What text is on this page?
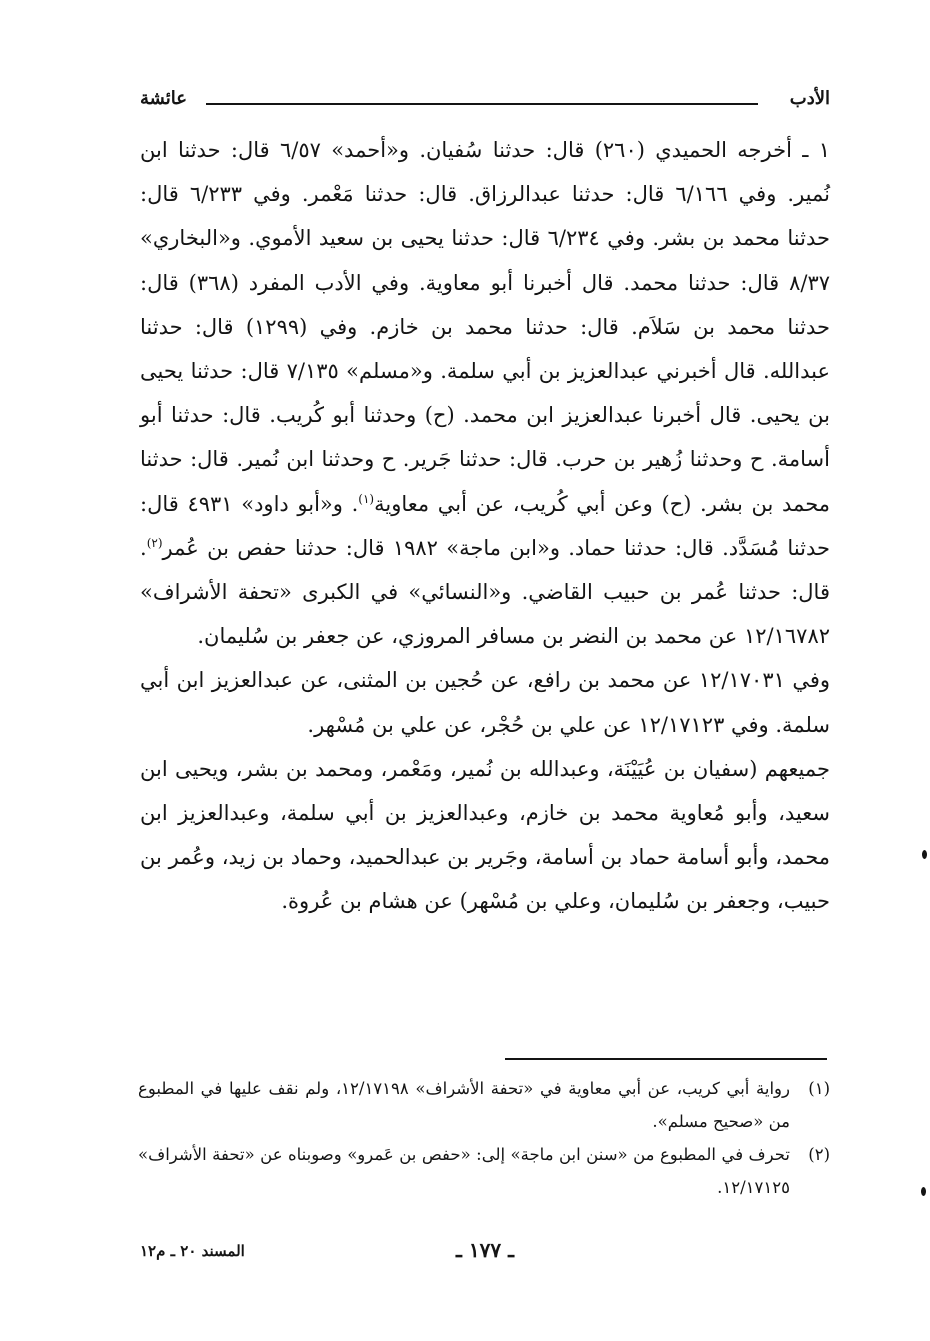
الأدب
عائشة

١ ـ أخرجه الحميدي (٢٦٠) قال: حدثنا سُفيان. و«أحمد» ٦/٥٧ قال: حدثنا ابن نُمير. وفي ٦/١٦٦ قال: حدثنا عبدالرزاق. قال: حدثنا مَعْمر. وفي ٦/٢٣٣ قال: حدثنا محمد بن بشر. وفي ٦/٢٣٤ قال: حدثنا يحيى بن سعيد الأموي. و«البخاري» ٨/٣٧ قال: حدثنا محمد. قال أخبرنا أبو معاوية. وفي الأدب المفرد (٣٦٨) قال: حدثنا محمد بن سَلاَم. قال: حدثنا محمد بن خازم. وفي (١٢٩٩) قال: حدثنا عبدالله. قال أخبرني عبدالعزيز بن أبي سلمة. و«مسلم» ٧/١٣٥ قال: حدثنا يحيى بن يحيى. قال أخبرنا عبدالعزيز ابن محمد. (ح) وحدثنا أبو كُريب. قال: حدثنا أبو أسامة. ح وحدثنا زُهير بن حرب. قال: حدثنا جَرير. ح وحدثنا ابن نُمير. قال: حدثنا محمد بن بشر. (ح) وعن أبي كُريب، عن أبي معاوية$^{(١)}$. و«أبو داود» ٤٩٣١ قال: حدثنا مُسَدَّد. قال: حدثنا حماد. و«ابن ماجة» ١٩٨٢ قال: حدثنا حفص بن عُمر$^{(٢)}$. قال: حدثنا عُمر بن حبيب القاضي. و«النسائي» في الكبرى «تحفة الأشراف» ١٢/١٦٧٨٢ عن محمد بن النضر بن مسافر المروزي، عن جعفر بن سُليمان.

وفي ١٢/١٧٠٣١ عن محمد بن رافع، عن حُجين بن المثنى، عن عبدالعزيز ابن أبي سلمة. وفي ١٢/١٧١٢٣ عن علي بن حُجْر، عن علي بن مُسْهر.

جميعهم (سفيان بن عُيَيْنَة، وعبدالله بن نُمير، ومَعْمر، ومحمد بن بشر، ويحيى ابن سعيد، وأبو مُعاوية محمد بن خازم، وعبدالعزيز بن أبي سلمة، وعبدالعزيز ابن محمد، وأبو أسامة حماد بن أسامة، وجَرير بن عبدالحميد، وحماد بن زيد، وعُمر بن حبيب، وجعفر بن سُليمان، وعلي بن مُسْهر) عن هشام بن عُروة.

(١)
رواية أبي كريب، عن أبي معاوية في «تحفة الأشراف» ١٢/١٧١٩٨، ولم نقف عليها في المطبوع من «صحيح مسلم».
(٢)
تحرف في المطبوع من «سنن ابن ماجة» إلى: «حفص بن عَمرو» وصوبناه عن «تحفة الأشراف» ١٢/١٧١٢٥.
ـ ١٧٧ ـ
المسند ٢٠ ـ م١٢
